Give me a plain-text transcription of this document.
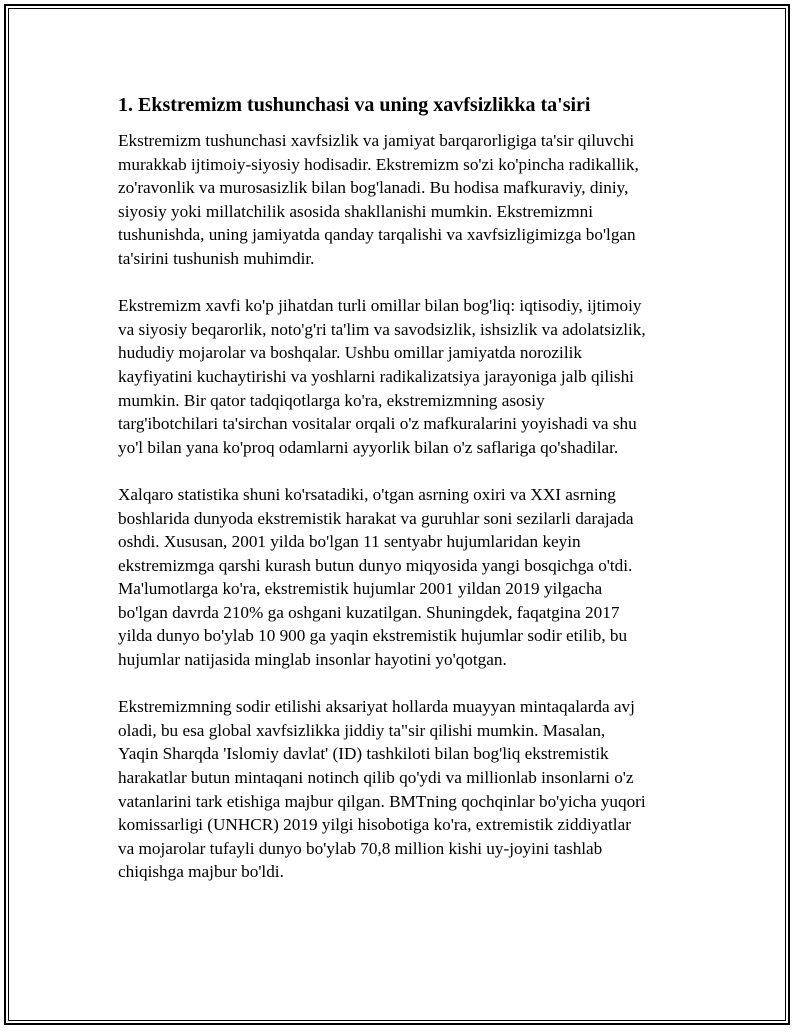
1. Ekstremizm tushunchasi va uning xavfsizlikka ta'siri

Ekstremizm tushunchasi xavfsizlik va jamiyat barqarorligiga ta'sir qiluvchi
murakkab ijtimoiy-siyosiy hodisadir. Ekstremizm so'zi ko'pincha radikallik,
zo'ravonlik va murosasizlik bilan bog'lanadi. Bu hodisa mafkuraviy, diniy,
siyosiy yoki millatchilik asosida shakllanishi mumkin. Ekstremizmni
tushunishda, uning jamiyatda qanday tarqalishi va xavfsizligimizga bo'lgan
ta'sirini tushunish muhimdir.

Ekstremizm xavfi ko'p jihatdan turli omillar bilan bog'liq: iqtisodiy, ijtimoiy
va siyosiy beqarorlik, noto'g'ri ta'lim va savodsizlik, ishsizlik va adolatsizlik,
hududiy mojarolar va boshqalar. Ushbu omillar jamiyatda norozilik
kayfiyatini kuchaytirishi va yoshlarni radikalizatsiya jarayoniga jalb qilishi
mumkin. Bir qator tadqiqotlarga ko'ra, ekstremizmning asosiy
targ'ibotchilari ta'sirchan vositalar orqali o'z mafkuralarini yoyishadi va shu
yo'l bilan yana ko'proq odamlarni ayyorlik bilan o'z saflariga qo'shadilar.

Xalqaro statistika shuni ko'rsatadiki, o'tgan asrning oxiri va XXI asrning
boshlarida dunyoda ekstremistik harakat va guruhlar soni sezilarli darajada
oshdi. Xususan, 2001 yilda bo'lgan 11 sentyabr hujumlaridan keyin
ekstremizmga qarshi kurash butun dunyo miqyosida yangi bosqichga o'tdi.
Ma'lumotlarga ko'ra, ekstremistik hujumlar 2001 yildan 2019 yilgacha
bo'lgan davrda 210% ga oshgani kuzatilgan. Shuningdek, faqatgina 2017
yilda dunyo bo'ylab 10 900 ga yaqin ekstremistik hujumlar sodir etilib, bu
hujumlar natijasida minglab insonlar hayotini yo'qotgan.

Ekstremizmning sodir etilishi aksariyat hollarda muayyan mintaqalarda avj
oladi, bu esa global xavfsizlikka jiddiy ta"sir qilishi mumkin. Masalan,
Yaqin Sharqda 'Islomiy davlat' (ID) tashkiloti bilan bog'liq ekstremistik
harakatlar butun mintaqani notinch qilib qo'ydi va millionlab insonlarni o'z
vatanlarini tark etishiga majbur qilgan. BMTning qochqinlar bo'yicha yuqori
komissarligi (UNHCR) 2019 yilgi hisobotiga ko'ra, extremistik ziddiyatlar
va mojarolar tufayli dunyo bo'ylab 70,8 million kishi uy-joyini tashlab
chiqishga majbur bo'ldi.
